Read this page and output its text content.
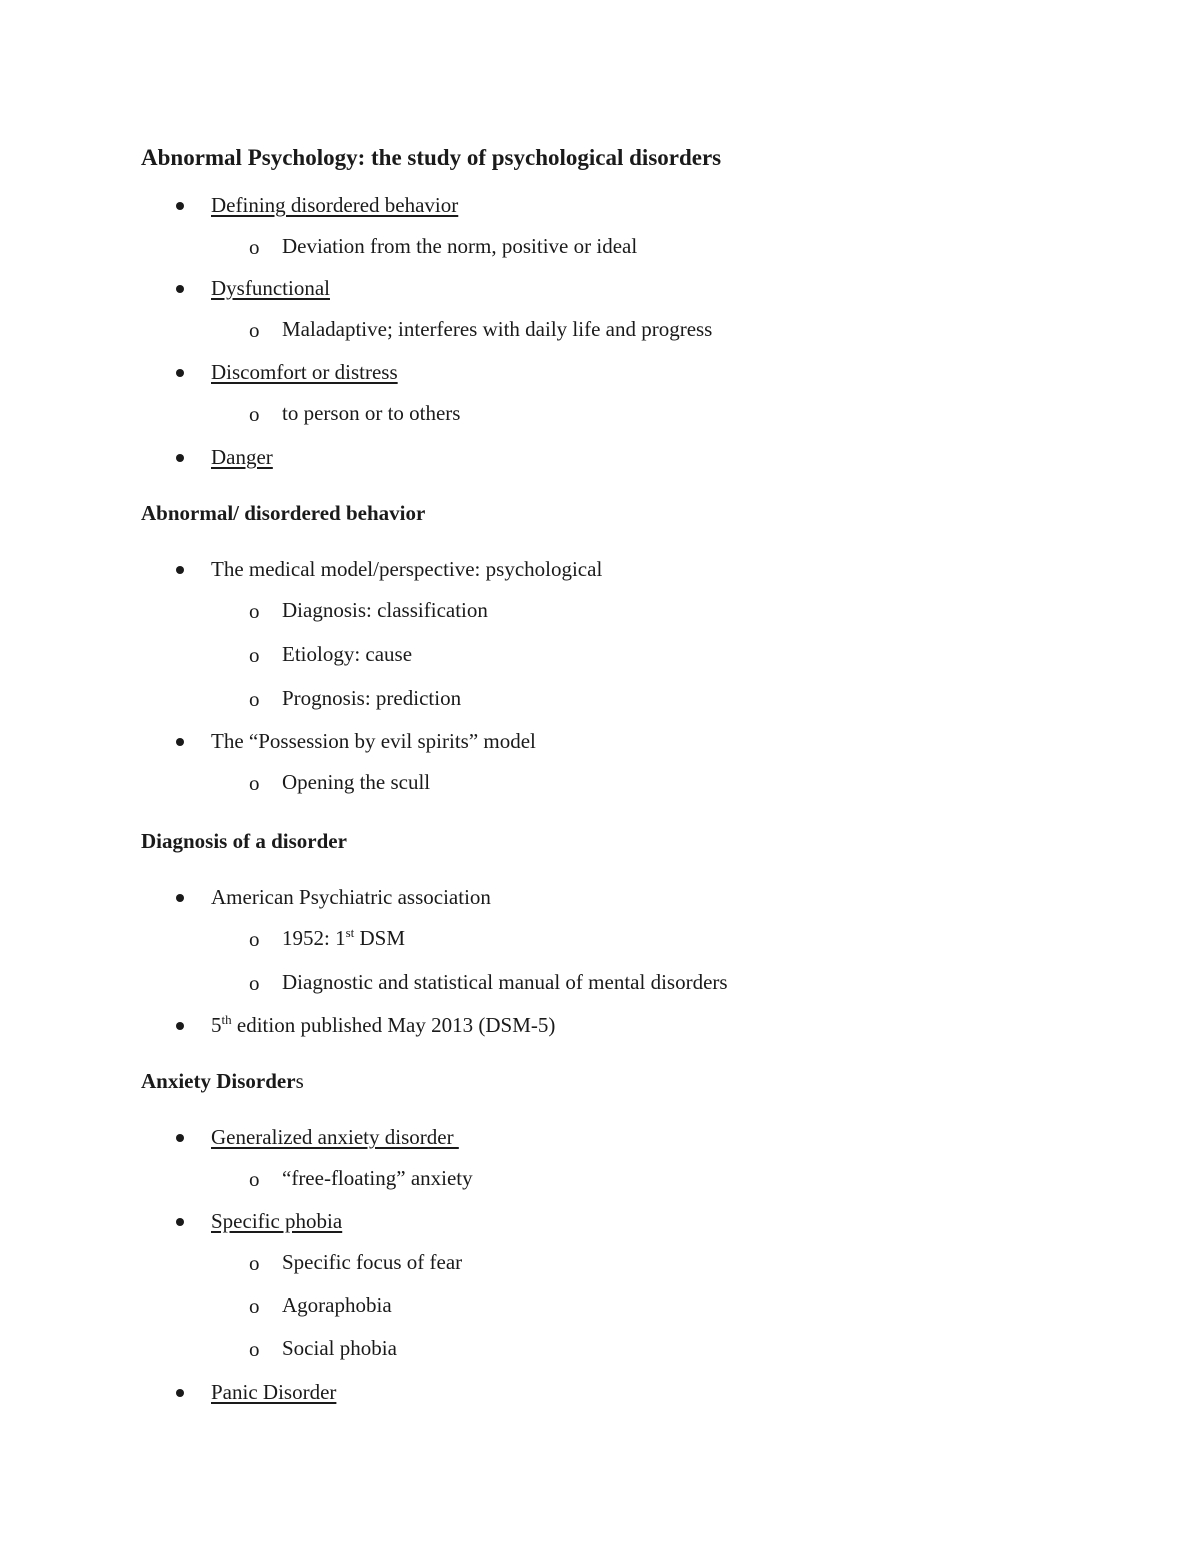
Abnormal Psychology: the study of psychological disorders
Defining disordered behavior
o Deviation from the norm, positive or ideal
Dysfunctional
o Maladaptive; interferes with daily life and progress
Discomfort or distress
o to person or to others
Danger
Abnormal/ disordered behavior
The medical model/perspective: psychological
o Diagnosis: classification
o Etiology: cause
o Prognosis: prediction
The “Possession by evil spirits” model
o Opening the scull
Diagnosis of a disorder
American Psychiatric association
o 1952: 1st DSM
o Diagnostic and statistical manual of mental disorders
5th edition published May 2013 (DSM-5)
Anxiety Disorders
Generalized anxiety disorder
o “free-floating” anxiety
Specific phobia
o Specific focus of fear
o Agoraphobia
o Social phobia
Panic Disorder
